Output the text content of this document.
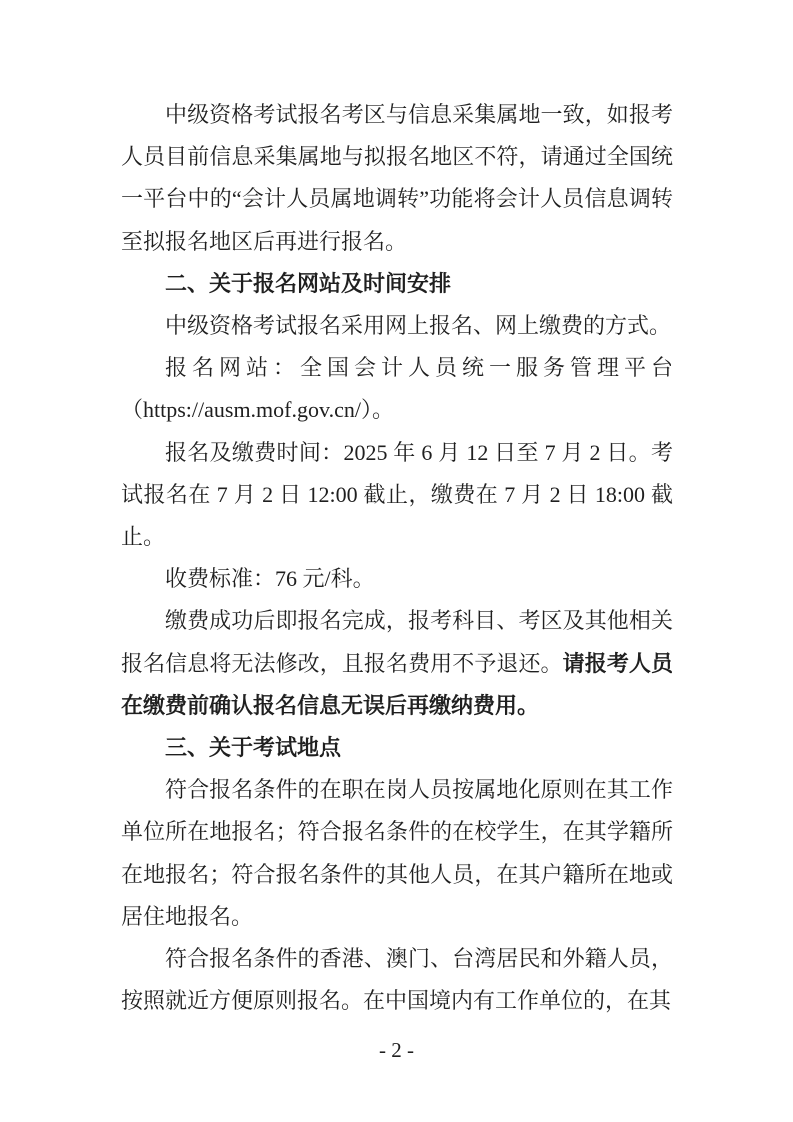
中级资格考试报名考区与信息采集属地一致，如报考人员目前信息采集属地与拟报名地区不符，请通过全国统一平台中的“会计人员属地调转”功能将会计人员信息调转至拟报名地区后再进行报名。

二、关于报名网站及时间安排

中级资格考试报名采用网上报名、网上缴费的方式。

报名网站：全国会计人员统一服务管理平台（https://ausm.mof.gov.cn/）。

报名及缴费时间：2025 年 6 月 12 日至 7 月 2 日。考试报名在 7 月 2 日 12:00 截止，缴费在 7 月 2 日 18:00 截止。

收费标准：76 元/科。

缴费成功后即报名完成，报考科目、考区及其他相关报名信息将无法修改，且报名费用不予退还。请报考人员在缴费前确认报名信息无误后再缴纳费用。

三、关于考试地点

符合报名条件的在职在岗人员按属地化原则在其工作单位所在地报名；符合报名条件的在校学生，在其学籍所在地报名；符合报名条件的其他人员，在其户籍所在地或居住地报名。

符合报名条件的香港、澳门、台湾居民和外籍人员，按照就近方便原则报名。在中国境内有工作单位的，在其

- 2 -
